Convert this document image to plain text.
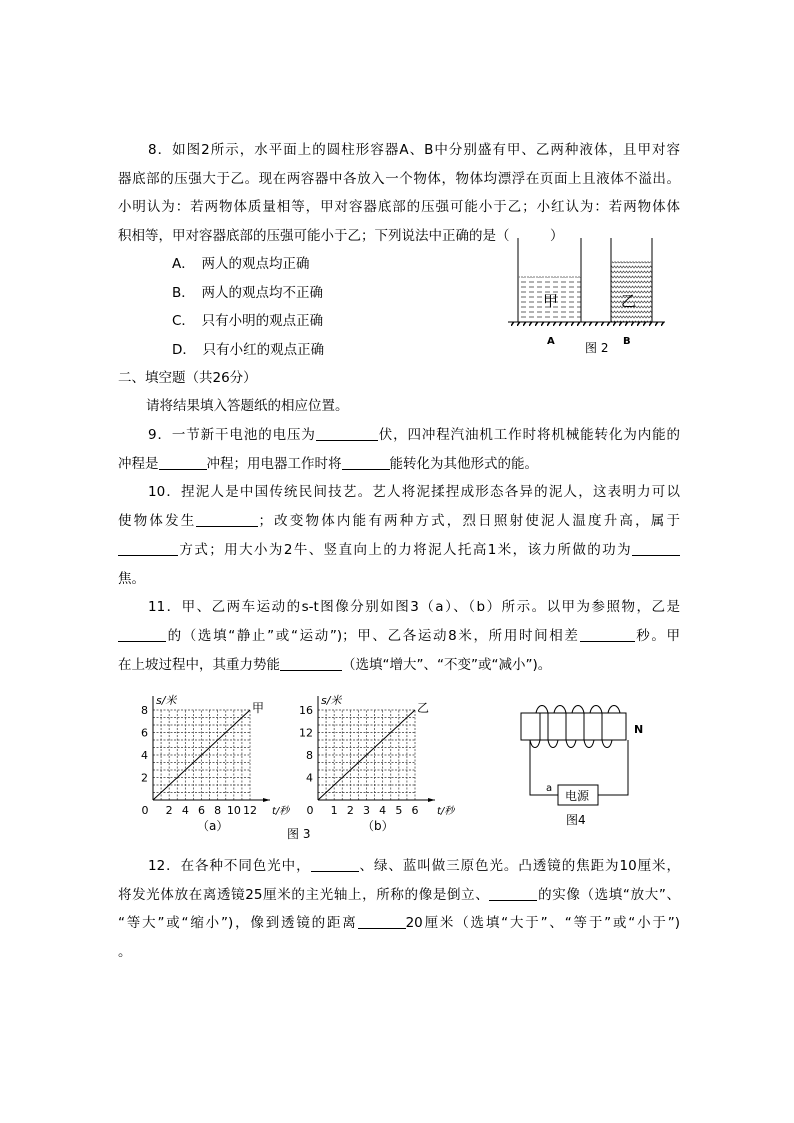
8．如图2所示，水平面上的圆柱形容器A、B中分别盛有甲、乙两种液体，且甲对容
器底部的压强大于乙。现在两容器中各放入一个物体，物体均漂浮在页面上且液体不溢出。
小明认为：若两物体质量相等，甲对容器底部的压强可能小于乙；小红认为：若两物体体
积相等，甲对容器底部的压强可能小于乙；下列说法中正确的是（　　　）
A．　两人的观点均正确
B．　两人的观点均不正确
C．　只有小明的观点正确
D．　只有小红的观点正确
甲	乙
A	B
图 2
二、填空题（共26分）
请将结果填入答题纸的相应位置。
9．一节新干电池的电压为	伏，四冲程汽油机工作时将机械能转化为内能的
冲程是	冲程；用电器工作时将	能转化为其他形式的能。
10．捏泥人是中国传统民间技艺。艺人将泥揉捏成形态各异的泥人，这表明力可以
使物体发生	；改变物体内能有两种方式，烈日照射使泥人温度升高，属于
方式；用大小为2牛、竖直向上的力将泥人托高1米，该力所做的功为
焦。
11．甲、乙两车运动的s-t图像分别如图3（a）、（b）所示。以甲为参照物，乙是
的（选填“静止”或“运动”)；甲、乙各运动8米，所用时间相差	秒。甲
在上坡过程中，其重力势能	（选填“增大”、“不变”或“减小”)。
甲
0 2 4 6 8 10 12
2
4
6
8
s/米
t/秒
乙
0 1 2 3 4 5 6
4
8
12
16
s/米
t/秒
（a）	（b）
图 3
电源
a
N
图4
12．在各种不同色光中，	、绿、蓝叫做三原色光。凸透镜的焦距为10厘米，
将发光体放在离透镜25厘米的主光轴上，所称的像是倒立、	的实像（选填“放大”、
“等大”或“缩小”)，像到透镜的距离	20厘米（选填“大于”、“等于”或“小于”)
。
